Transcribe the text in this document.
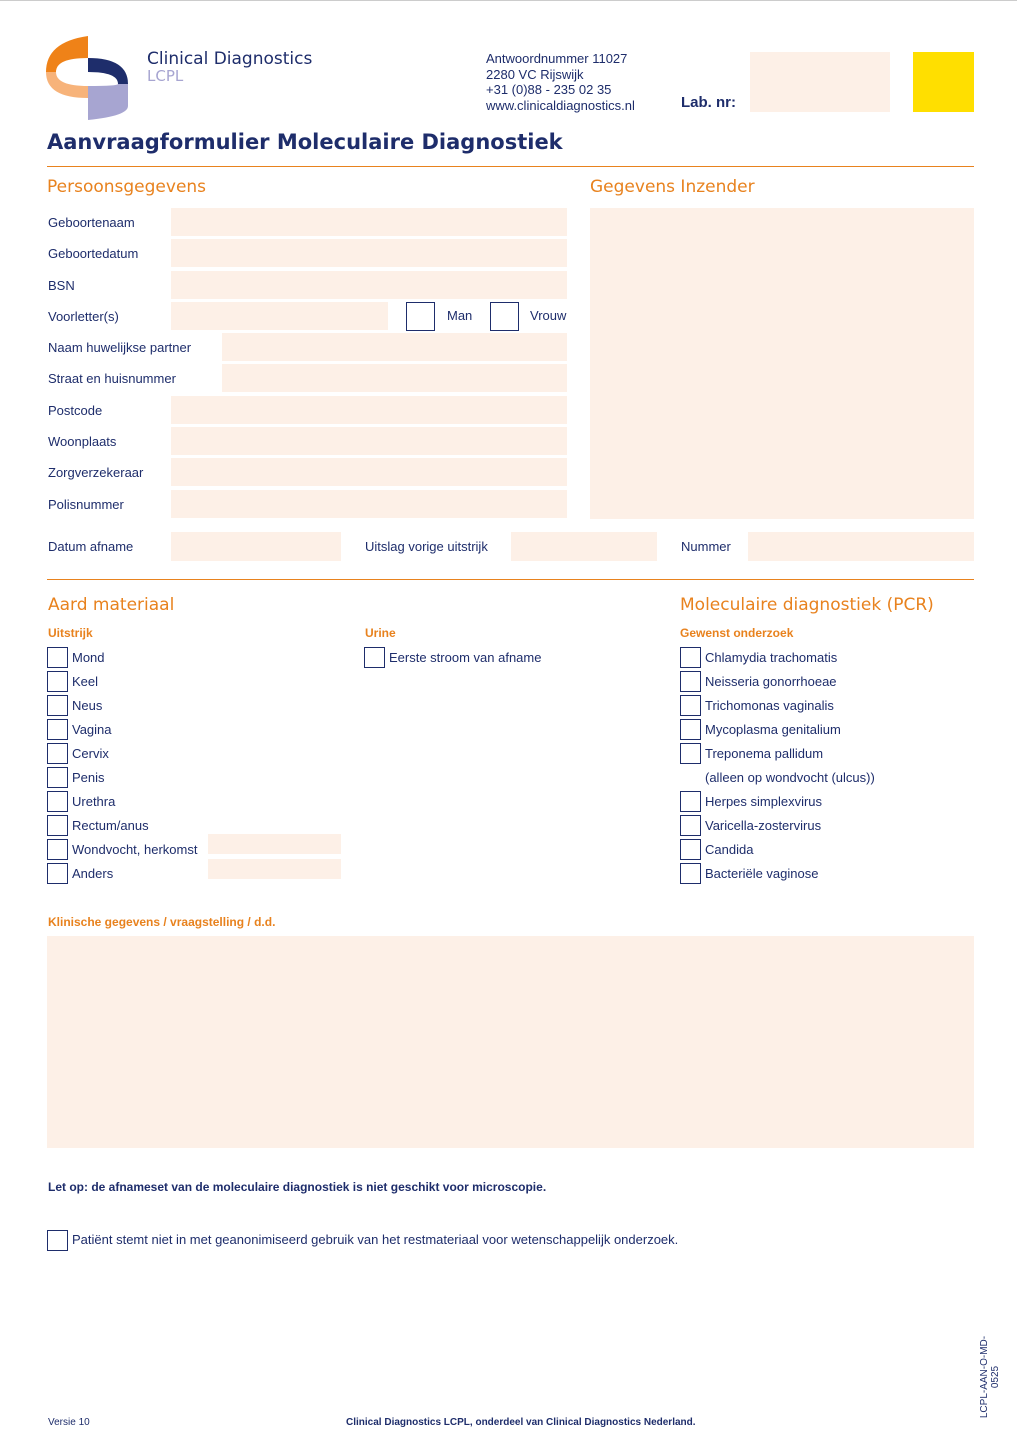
Clinical Diagnostics
LCPL
Antwoordnummer 11027
2280 VC Rijswijk
+31 (0)88 - 235 02 35
www.clinicaldiagnostics.nl	Lab. nr:
Aanvraagformulier Moleculaire Diagnostiek
Persoonsgegevens	Gegevens Inzender
Geboortenaam
Geboortedatum
BSN
Voorletter(s)
Naam huwelijkse partner
Straat en huisnummer
Postcode
Woonplaats
Zorgverzekeraar
Polisnummer
Man	Vrouw
Datum afname	Uitslag vorige uitstrijk	Nummer
Aard materiaal	Moleculaire diagnostiek (PCR)
Uitstrijk	Urine	Gewenst onderzoek
Mond
Keel
Neus
Vagina
Cervix
Penis
Urethra
Rectum/anus
Wondvocht, herkomst
Anders
Eerste stroom van afname	Chlamydia trachomatis
Neisseria gonorrhoeae
Trichomonas vaginalis
Mycoplasma genitalium
Treponema pallidum
(alleen op wondvocht (ulcus))
Herpes simplexvirus
Varicella-zostervirus
Candida
Bacteriële vaginose
Klinische gegevens / vraagstelling / d.d.
Let op: de afnameset van de moleculaire diagnostiek is niet geschikt voor microscopie.
Patiënt stemt niet in met geanonimiseerd gebruik van het restmateriaal voor wetenschappelijk onderzoek.
Versie 10	Clinical Diagnostics LCPL, onderdeel van Clinical Diagnostics Nederland.
LCPL-AAN-O-MD-0525
